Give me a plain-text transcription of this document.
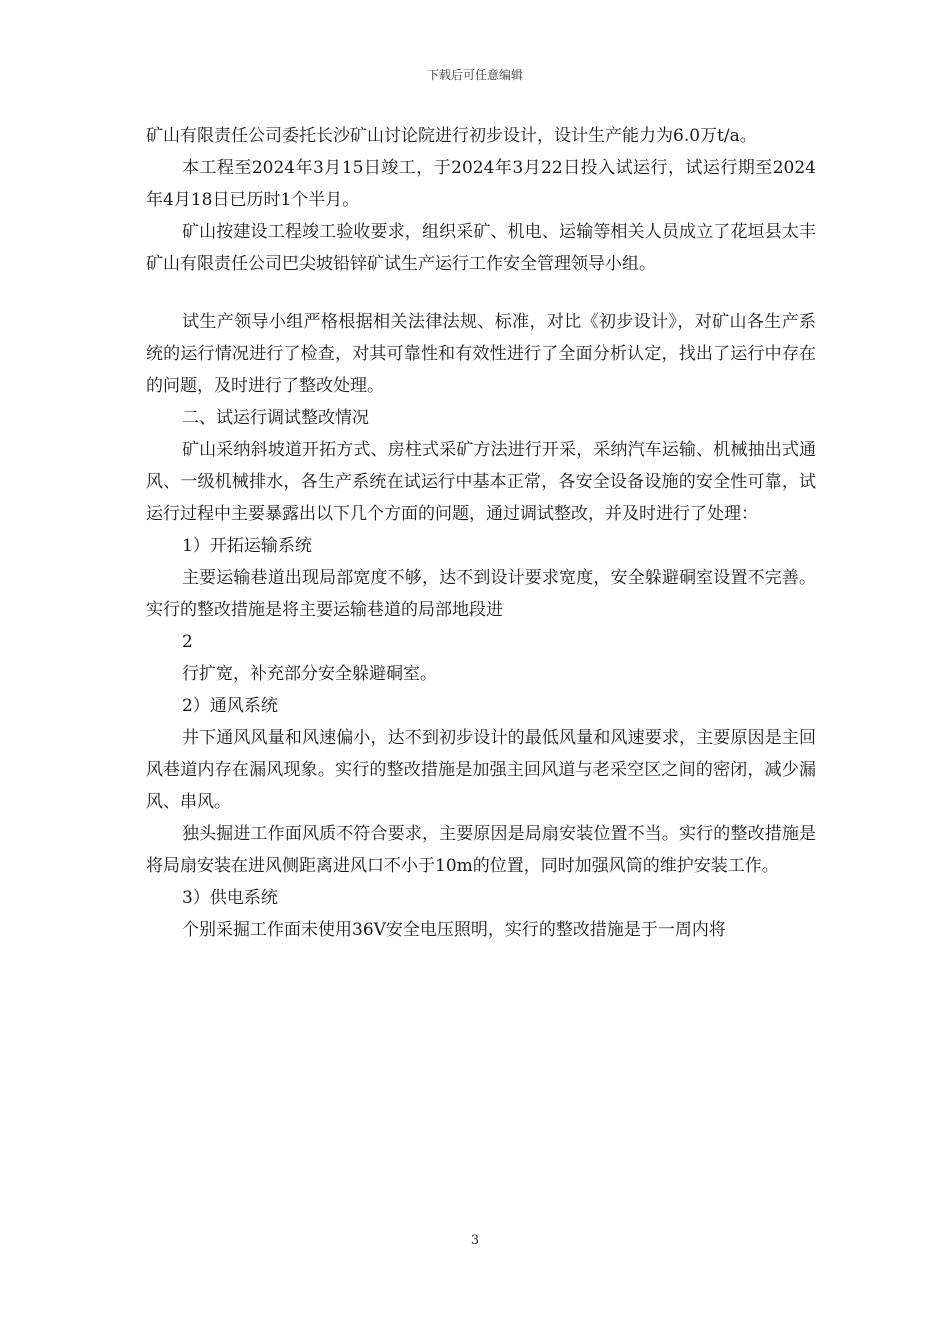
下载后可任意编辑

矿山有限责任公司委托长沙矿山讨论院进行初步设计，设计生产能力为6.0万t/a。

本工程至2024年3月15日竣工，于2024年3月22日投入试运行，试运行期至2024年4月18日已历时1个半月。

矿山按建设工程竣工验收要求，组织采矿、机电、运输等相关人员成立了花垣县太丰矿山有限责任公司巴尖坡铅锌矿试生产运行工作安全管理领导小组。

试生产领导小组严格根据相关法律法规、标准，对比《初步设计》，对矿山各生产系统的运行情况进行了检查，对其可靠性和有效性进行了全面分析认定，找出了运行中存在的问题，及时进行了整改处理。

二、试运行调试整改情况

矿山采纳斜坡道开拓方式、房柱式采矿方法进行开采，采纳汽车运输、机械抽出式通风、一级机械排水，各生产系统在试运行中基本正常，各安全设备设施的安全性可靠，试运行过程中主要暴露出以下几个方面的问题，通过调试整改，并及时进行了处理：

1）开拓运输系统

主要运输巷道出现局部宽度不够，达不到设计要求宽度，安全躲避硐室设置不完善。实行的整改措施是将主要运输巷道的局部地段进

2

行扩宽，补充部分安全躲避硐室。

2）通风系统

井下通风风量和风速偏小，达不到初步设计的最低风量和风速要求，主要原因是主回风巷道内存在漏风现象。实行的整改措施是加强主回风道与老采空区之间的密闭，减少漏风、串风。

独头掘进工作面风质不符合要求，主要原因是局扇安装位置不当。实行的整改措施是将局扇安装在进风侧距离进风口不小于10m的位置，同时加强风筒的维护安装工作。

3）供电系统

个别采掘工作面未使用36V安全电压照明，实行的整改措施是于一周内将

3
